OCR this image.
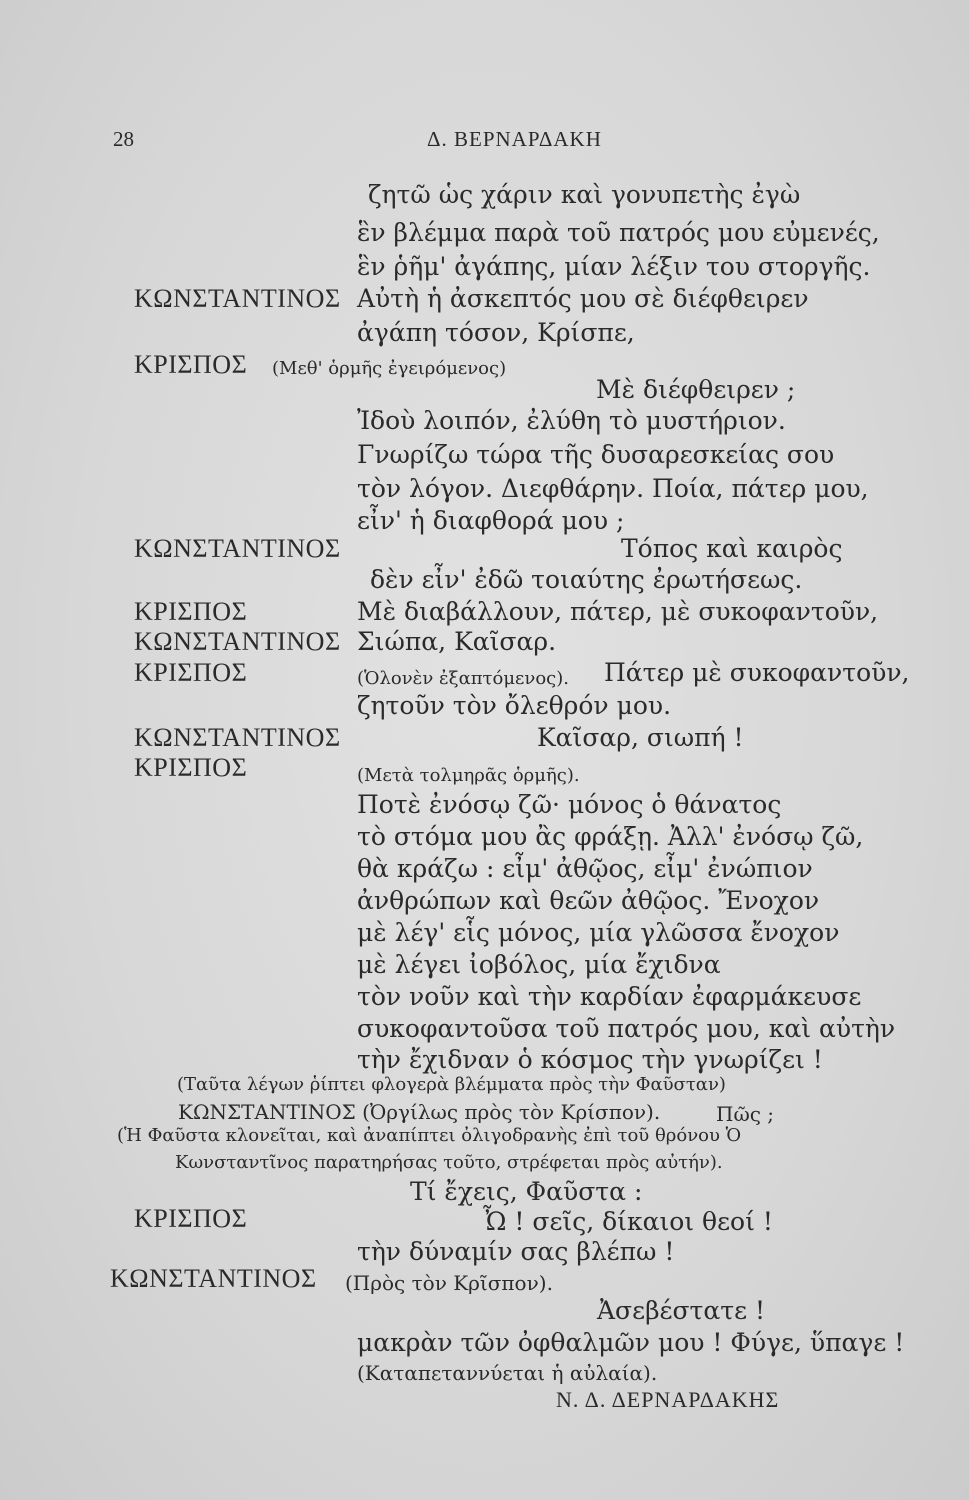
28	Δ. ΒΕΡΝΑΡΔΑΚΗ
ζητῶ ὡς χάριν καὶ γονυπετὴς ἐγὼ
ἓν βλέμμα παρὰ τοῦ πατρός μου εὐμενές,
ἓν ῥῆμ' ἀγάπης, μίαν λέξιν του στοργῆς.
ΚΩΝΣΤΑΝΤΙΝΟΣ Αὐτὴ ἡ ἀσκεπτός μου σὲ διέφθειρεν
ἀγάπη τόσον, Κρίσπε,
ΚΡΙΣΠΟΣ (Μεθ' ὁρμῆς ἐγειρόμενος)
Μὲ διέφθειρεν ;
Ἰδοὺ λοιπόν, ἐλύθη τὸ μυστήριον.
Γνωρίζω τώρα τῆς δυσαρεσκείας σου
τὸν λόγον. Διεφθάρην. Ποία, πάτερ μου,
εἶν' ἡ διαφθορά μου ;
ΚΩΝΣΤΑΝΤΙΝΟΣ	Τόπος καὶ καιρὸς
δὲν εἶν' ἐδῶ τοιαύτης ἐρωτήσεως.
ΚΡΙΣΠΟΣ	Μὲ διαβάλλουν, πάτερ, μὲ συκοφαντοῦν,
ΚΩΝΣΤΑΝΤΙΝΟΣ Σιώπα, Καῖσαρ.
ΚΡΙΣΠΟΣ	(Ὁλονὲν ἐξαπτόμενος). Πάτερ μὲ συκοφαντοῦν,
ζητοῦν τὸν ὄλεθρόν μου.
ΚΩΝΣΤΑΝΤΙΝΟΣ	Καῖσαρ, σιωπή !
ΚΡΙΣΠΟΣ	(Μετὰ τολμηρᾶς ὁρμῆς).
Ποτὲ ἐνόσῳ ζῶ· μόνος ὁ θάνατος
τὸ στόμα μου ἂς φράξῃ. Ἀλλ' ἐνόσῳ ζῶ,
θὰ κράζω : εἶμ' ἀθῷος, εἶμ' ἐνώπιον
ἀνθρώπων καὶ θεῶν ἀθῷος. Ἔνοχον
μὲ λέγ' εἷς μόνος, μία γλῶσσα ἔνοχον
μὲ λέγει ἰοβόλος, μία ἔχιδνα
τὸν νοῦν καὶ τὴν καρδίαν ἐφαρμάκευσε
συκοφαντοῦσα τοῦ πατρός μου, καὶ αὐτὴν
τὴν ἔχιδναν ὁ κόσμος τὴν γνωρίζει !
(Ταῦτα λέγων ῥίπτει φλογερὰ βλέμματα πρὸς τὴν Φαῦσταν)
ΚΩΝΣΤΑΝΤΙΝΟΣ (Ὀργίλως πρὸς τὸν Κρίσπον).	Πῶς ;
(Ἡ Φαῦστα κλονεῖται, καὶ ἀναπίπτει ὀλιγοδρανὴς ἐπὶ τοῦ θρόνου Ὁ
Κωνσταντῖνος παρατηρήσας τοῦτο, στρέφεται πρὸς αὐτήν).
Τί ἔχεις, Φαῦστα :
ΚΡΙΣΠΟΣ	Ὦ ! σεῖς, δίκαιοι θεοί !
τὴν δύναμίν σας βλέπω !
ΚΩΝΣΤΑΝΤΙΝΟΣ (Πρὸς τὸν Κρῖσπον).
Ἀσεβέστατε !
μακρὰν τῶν ὀφθαλμῶν μου ! Φύγε, ὕπαγε !
(Καταπεταννύεται ἡ αὐλαία).
Ν. Δ. ΔΕΡΝΑΡΔΑΚΗΣ
